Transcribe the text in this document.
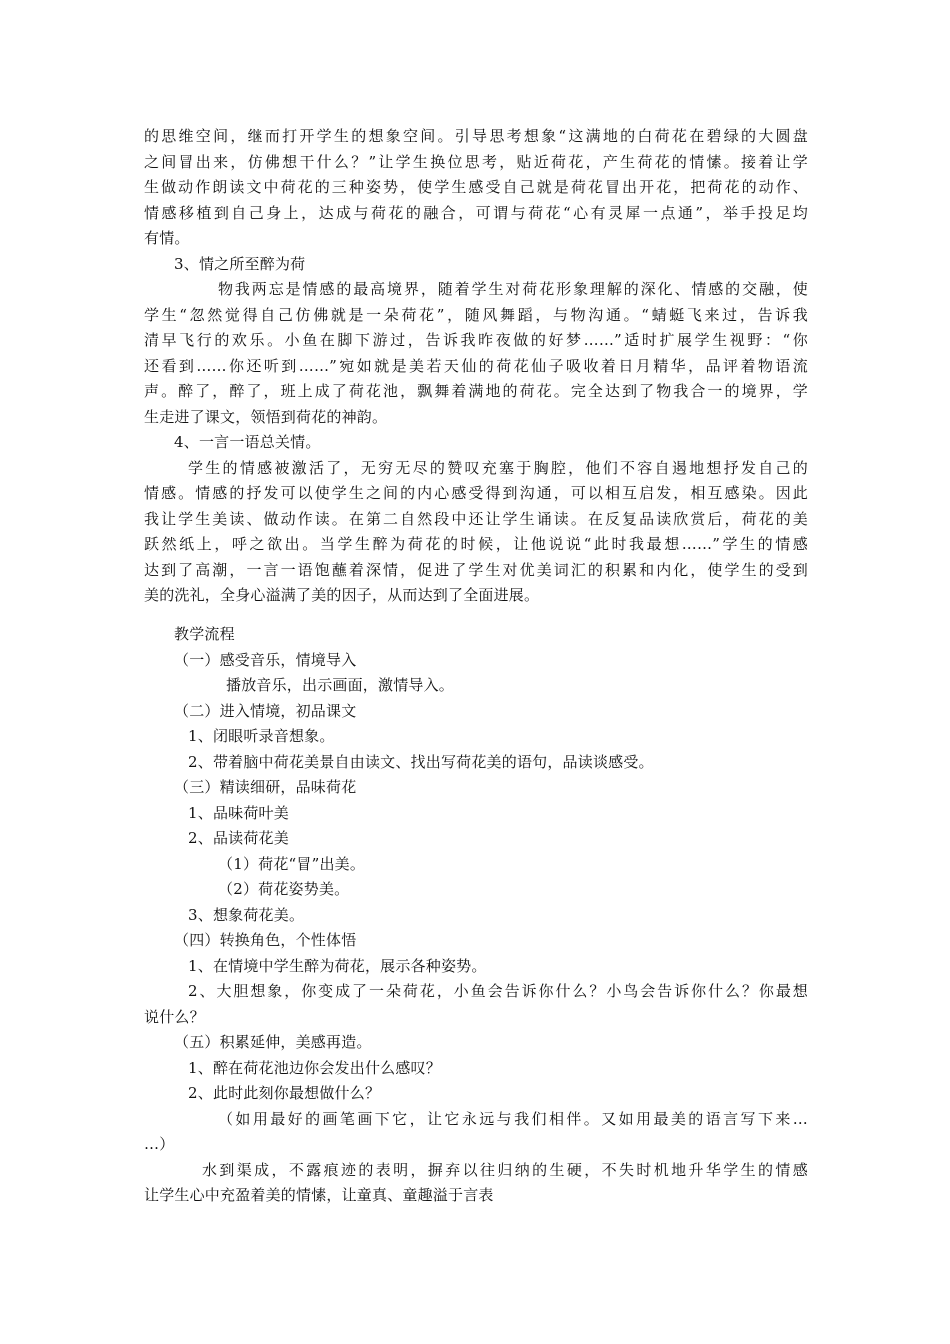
的思维空间，继而打开学生的想象空间。引导思考想象“这满地的白荷花在碧绿的大圆盘
之间冒出来，仿佛想干什么？”让学生换位思考，贴近荷花，产生荷花的情愫。接着让学
生做动作朗读文中荷花的三种姿势，使学生感受自己就是荷花冒出开花，把荷花的动作、
情感移植到自己身上，达成与荷花的融合，可谓与荷花“心有灵犀一点通”，举手投足均
有情。
3、情之所至醉为荷
物我两忘是情感的最高境界，随着学生对荷花形象理解的深化、情感的交融，使
学生“忽然觉得自己仿佛就是一朵荷花”，随风舞蹈，与物沟通。“蜻蜓飞来过，告诉我
清早飞行的欢乐。小鱼在脚下游过，告诉我昨夜做的好梦……”适时扩展学生视野：“你
还看到……你还听到……”宛如就是美若天仙的荷花仙子吸收着日月精华，品评着物语流
声。醉了，醉了，班上成了荷花池，飘舞着满地的荷花。完全达到了物我合一的境界，学
生走进了课文，领悟到荷花的神韵。
4、一言一语总关情。
学生的情感被激活了，无穷无尽的赞叹充塞于胸腔，他们不容自遏地想抒发自己的
情感。情感的抒发可以使学生之间的内心感受得到沟通，可以相互启发，相互感染。因此
我让学生美读、做动作读。在第二自然段中还让学生诵读。在反复品读欣赏后，荷花的美
跃然纸上，呼之欲出。当学生醉为荷花的时候，让他说说“此时我最想……”学生的情感
达到了高潮，一言一语饱蘸着深情，促进了学生对优美词汇的积累和内化，使学生的受到
美的洗礼，全身心溢满了美的因子，从而达到了全面进展。
教学流程
（一）感受音乐，情境导入
播放音乐，出示画面，激情导入。
（二）进入情境，初品课文
1、闭眼听录音想象。
2、带着脑中荷花美景自由读文、找出写荷花美的语句，品读谈感受。
（三）精读细研，品味荷花
1、品味荷叶美
2、品读荷花美
（1）荷花“冒”出美。
（2）荷花姿势美。
3、想象荷花美。
（四）转换角色，个性体悟
1、在情境中学生醉为荷花，展示各种姿势。
2、大胆想象，你变成了一朵荷花，小鱼会告诉你什么？小鸟会告诉你什么？你最想
说什么？
（五）积累延伸，美感再造。
1、醉在荷花池边你会发出什么感叹？
2、此时此刻你最想做什么？
（如用最好的画笔画下它，让它永远与我们相伴。又如用最美的语言写下来…
…）
水到渠成，不露痕迹的表明，摒弃以往归纳的生硬，不失时机地升华学生的情感
让学生心中充盈着美的情愫，让童真、童趣溢于言表
